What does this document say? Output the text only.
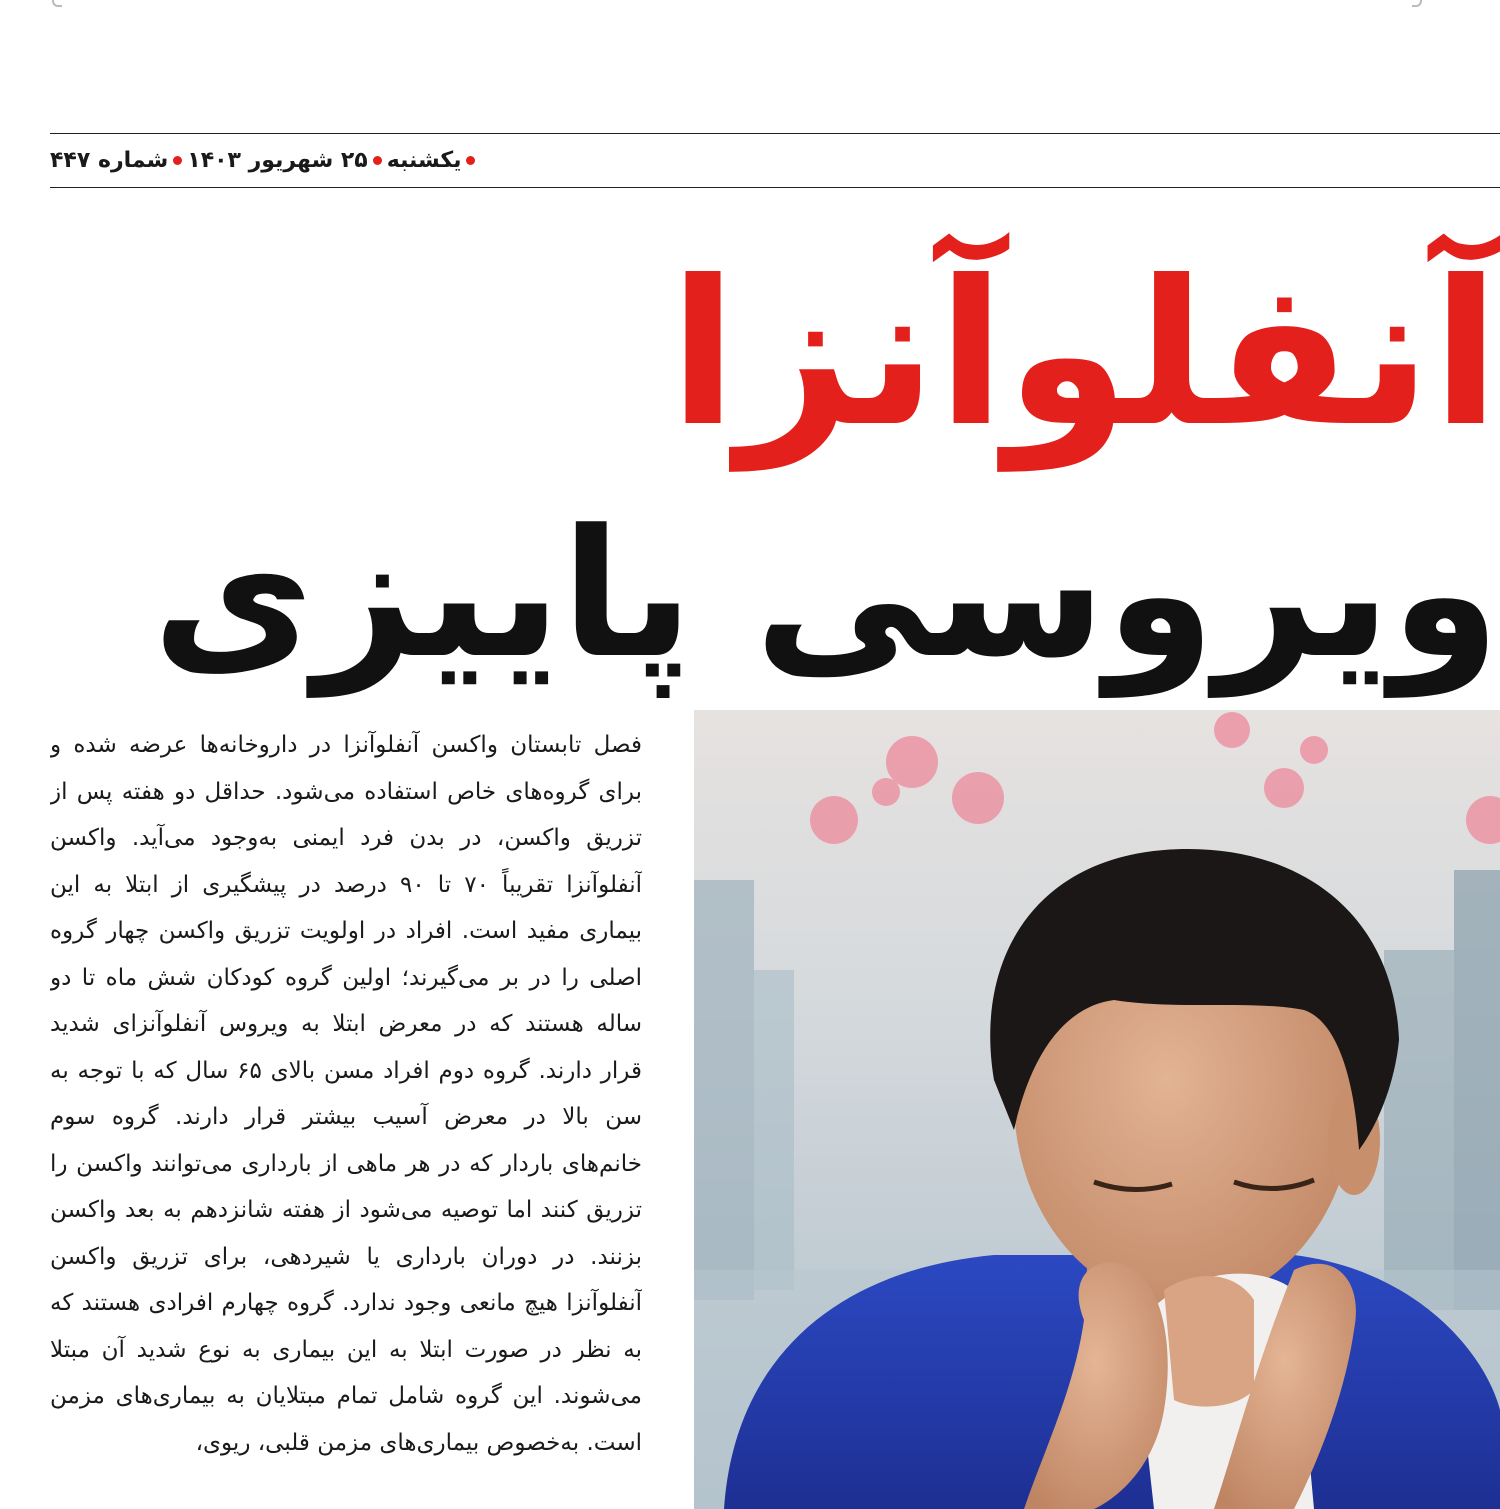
یکشنبه
۲۵ شهریور ۱۴۰۳
شماره ۴۴۷
آنفلوآنزا
ویروسی پاییزی

فصل تابستان واکسن آنفلوآنزا در داروخانه‌ها عرضه شده و برای گروه‌های خاص استفاده می‌شود. حداقل دو هفته پس از تزریق واکسن، در بدن فرد ایمنی به‌وجود می‌آید. واکسن آنفلوآنزا تقریباً ۷۰ تا ۹۰ درصد در پیشگیری از ابتلا به این بیماری مفید است. افراد در اولویت تزریق واکسن چهار گروه اصلی را در بر می‌گیرند؛ اولین گروه کودکان شش ماه تا دو ساله هستند که در معرض ابتلا به ویروس آنفلوآنزای شدید قرار دارند. گروه دوم افراد مسن بالای ۶۵ سال که با توجه به سن بالا در معرض آسیب بیشتر قرار دارند. گروه سوم خانم‌های باردار که در هر ماهی از بارداری می‌توانند واکسن را تزریق کنند اما توصیه می‌شود از هفته شانزدهم به بعد واکسن بزنند. در دوران بارداری یا شیردهی، برای تزریق واکسن آنفلوآنزا هیچ مانعی وجود ندارد. گروه چهارم افرادی هستند که به نظر در صورت ابتلا به این بیماری به نوع شدید آن مبتلا می‌شوند. این گروه شامل تمام مبتلایان به بیماری‌های مزمن است. به‌خصوص بیماری‌های مزمن قلبی، ریوی،
